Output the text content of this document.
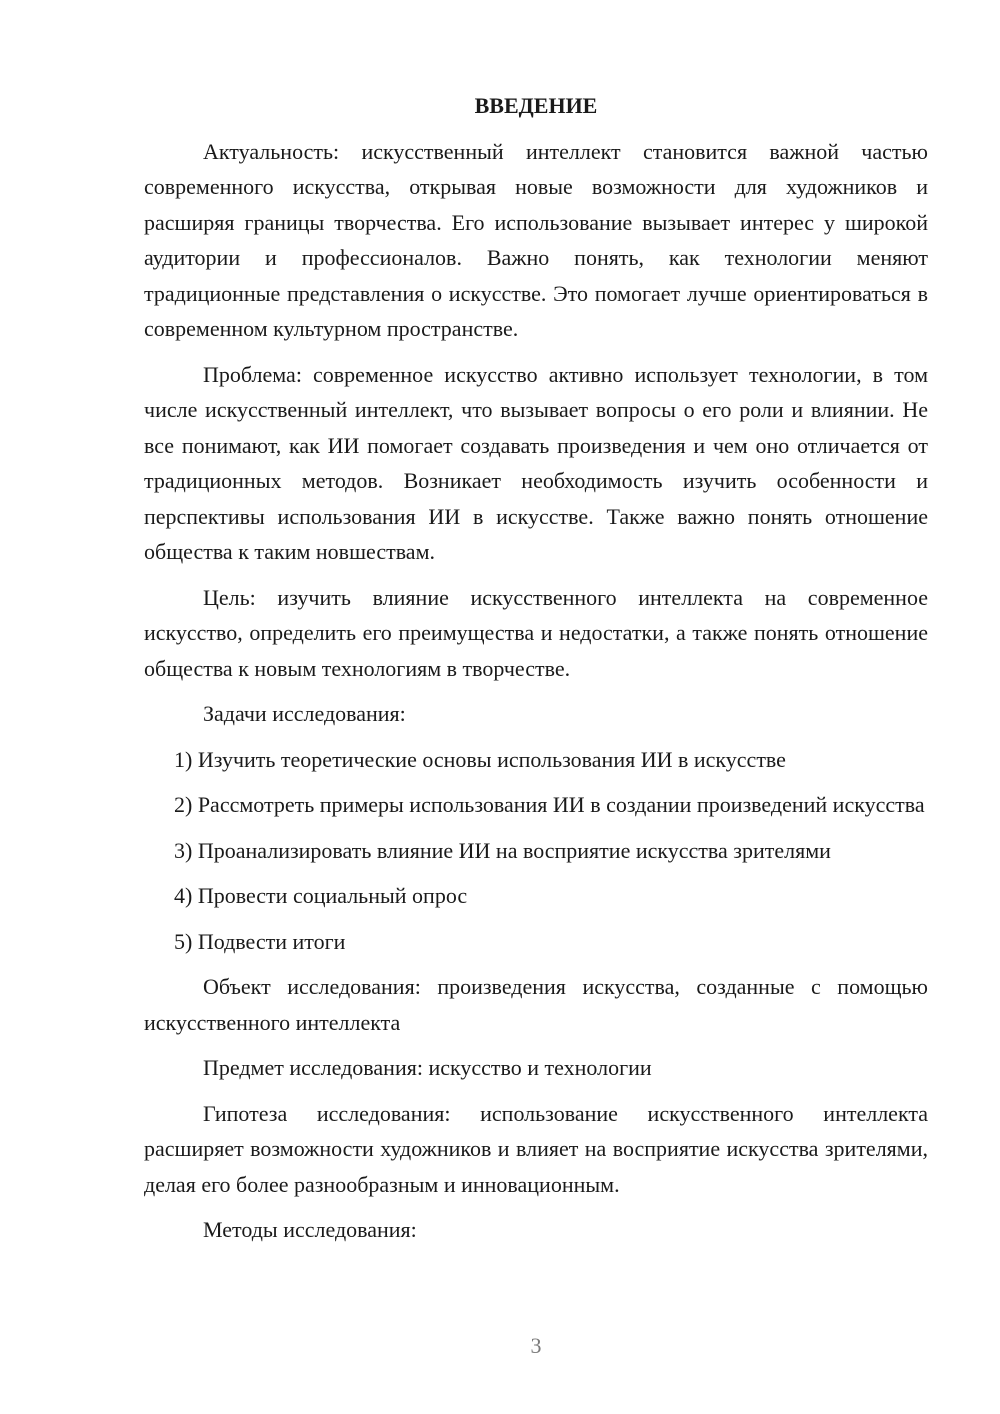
ВВЕДЕНИЕ

Актуальность: искусственный интеллект становится важной частью современного искусства, открывая новые возможности для художников и расширяя границы творчества. Его использование вызывает интерес у широкой аудитории и профессионалов. Важно понять, как технологии меняют традиционные представления о искусстве. Это помогает лучше ориентироваться в современном культурном пространстве.

Проблема: современное искусство активно использует технологии, в том числе искусственный интеллект, что вызывает вопросы о его роли и влиянии. Не все понимают, как ИИ помогает создавать произведения и чем оно отличается от традиционных методов. Возникает необходимость изучить особенности и перспективы использования ИИ в искусстве. Также важно понять отношение общества к таким новшествам.

Цель: изучить влияние искусственного интеллекта на современное искусство, определить его преимущества и недостатки, а также понять отношение общества к новым технологиям в творчестве.

Задачи исследования:

1) Изучить теоретические основы использования ИИ в искусстве

2) Рассмотреть примеры использования ИИ в создании произведений искусства

3) Проанализировать влияние ИИ на восприятие искусства зрителями

4) Провести социальный опрос

5) Подвести итоги

Объект исследования: произведения искусства, созданные с помощью искусственного интеллекта

Предмет исследования: искусство и технологии

Гипотеза исследования: использование искусственного интеллекта расширяет возможности художников и влияет на восприятие искусства зрителями, делая его более разнообразным и инновационным.

Методы исследования:

3
